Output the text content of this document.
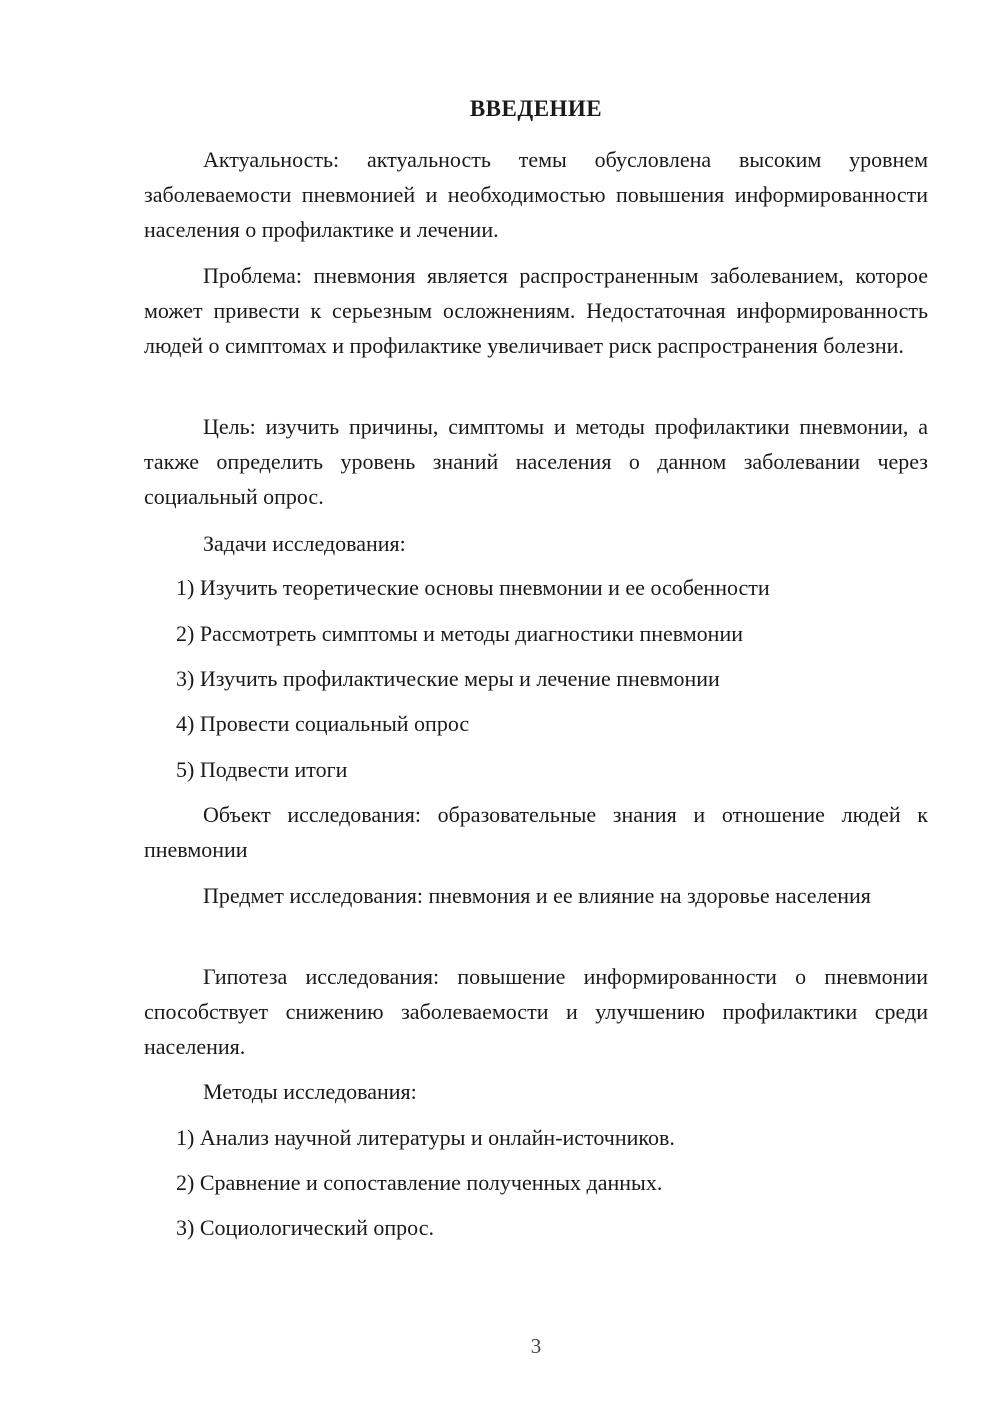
ВВЕДЕНИЕ
Актуальность: актуальность темы обусловлена высоким уровнем заболеваемости пневмонией и необходимостью повышения информированности населения о профилактике и лечении.
Проблема: пневмония является распространенным заболеванием, которое может привести к серьезным осложнениям. Недостаточная информированность людей о симптомах и профилактике увеличивает риск распространения болезни.
Цель: изучить причины, симптомы и методы профилактики пневмонии, а также определить уровень знаний населения о данном заболевании через социальный опрос.
Задачи исследования:
1) Изучить теоретические основы пневмонии и ее особенности
2) Рассмотреть симптомы и методы диагностики пневмонии
3) Изучить профилактические меры и лечение пневмонии
4) Провести социальный опрос
5) Подвести итоги
Объект исследования: образовательные знания и отношение людей к пневмонии
Предмет исследования: пневмония и ее влияние на здоровье населения
Гипотеза исследования: повышение информированности о пневмонии способствует снижению заболеваемости и улучшению профилактики среди населения.
Методы исследования:
1) Анализ научной литературы и онлайн-источников.
2) Сравнение и сопоставление полученных данных.
3) Социологический опрос.
3
